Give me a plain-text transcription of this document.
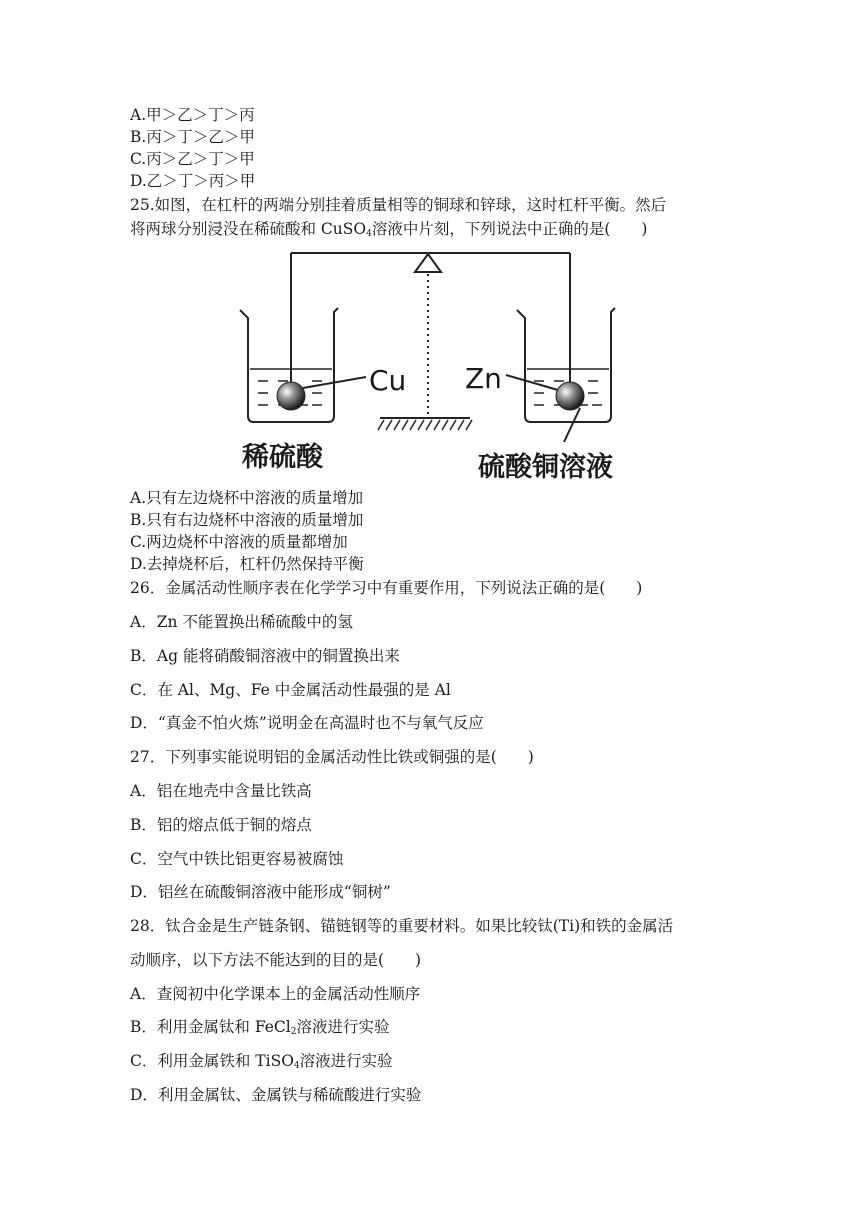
A.甲＞乙＞丁＞丙
B.丙＞丁＞乙＞甲
C.丙＞乙＞丁＞甲
D.乙＞丁＞丙＞甲
25.如图，在杠杆的两端分别挂着质量相等的铜球和锌球，这时杠杆平衡。然后
将两球分别浸没在稀硫酸和 CuSO$_4$溶液中片刻，下列说法中正确的是(　　)
Cu
稀硫酸
Zn
硫酸铜溶液
A.只有左边烧杯中溶液的质量增加
B.只有右边烧杯中溶液的质量增加
C.两边烧杯中溶液的质量都增加
D.去掉烧杯后，杠杆仍然保持平衡
26．金属活动性顺序表在化学学习中有重要作用，下列说法正确的是(　　)
A．Zn 不能置换出稀硫酸中的氢
B．Ag 能将硝酸铜溶液中的铜置换出来
C．在 Al、Mg、Fe 中金属活动性最强的是 Al
D．“真金不怕火炼”说明金在高温时也不与氧气反应
27．下列事实能说明铝的金属活动性比铁或铜强的是(　　)
A．铝在地壳中含量比铁高
B．铝的熔点低于铜的熔点
C．空气中铁比铝更容易被腐蚀
D．铝丝在硫酸铜溶液中能形成“铜树”
28．钛合金是生产链条钢、锚链钢等的重要材料。如果比较钛(Ti)和铁的金属活
动顺序，以下方法不能达到的目的是(　　)
A．查阅初中化学课本上的金属活动性顺序
B．利用金属钛和 FeCl$_2$溶液进行实验
C．利用金属铁和 TiSO$_4$溶液进行实验
D．利用金属钛、金属铁与稀硫酸进行实验
